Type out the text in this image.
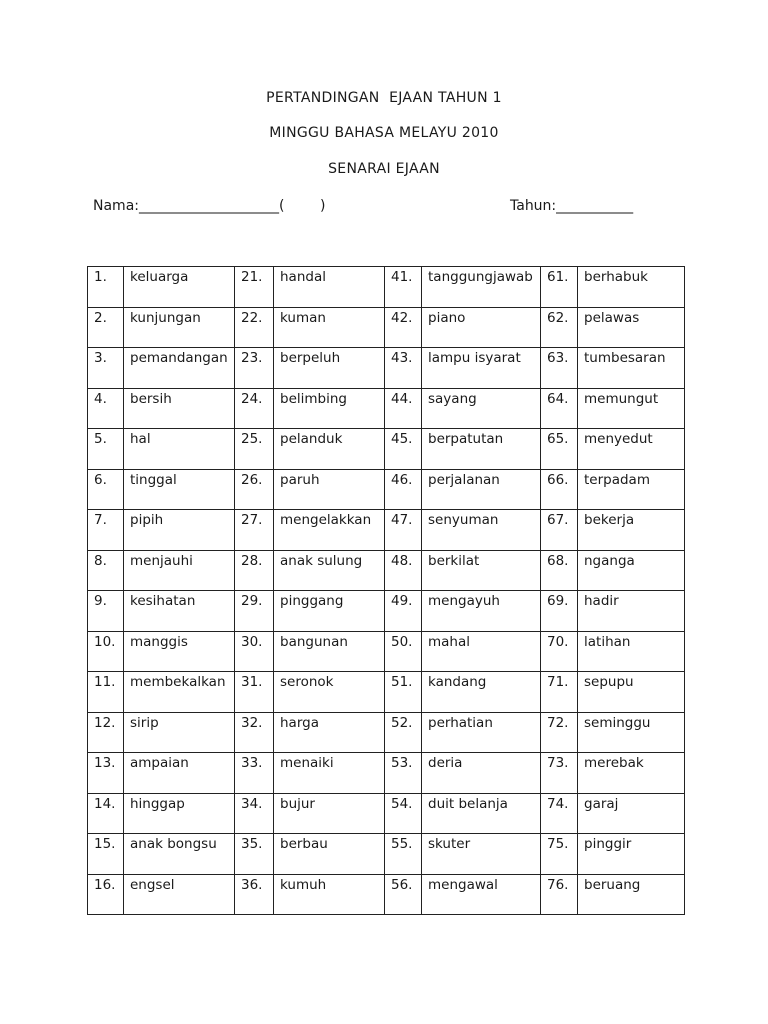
PERTANDINGAN  EJAAN TAHUN 1
MINGGU BAHASA MELAYU 2010
SENARAI EJAAN
Nama:____________________(        )	Tahun:___________
1.	keluarga	21.	handal	41.	tanggungjawab	61.	berhabuk
2.	kunjungan	22.	kuman	42.	piano	62.	pelawas
3.	pemandangan	23.	berpeluh	43.	lampu isyarat	63.	tumbesaran
4.	bersih	24.	belimbing	44.	sayang	64.	memungut
5.	hal	25.	pelanduk	45.	berpatutan	65.	menyedut
6.	tinggal	26.	paruh	46.	perjalanan	66.	terpadam
7.	pipih	27.	mengelakkan	47.	senyuman	67.	bekerja
8.	menjauhi	28.	anak sulung	48.	berkilat	68.	nganga
9.	kesihatan	29.	pinggang	49.	mengayuh	69.	hadir
10.	manggis	30.	bangunan	50.	mahal	70.	latihan
11.	membekalkan	31.	seronok	51.	kandang	71.	sepupu
12.	sirip	32.	harga	52.	perhatian	72.	seminggu
13.	ampaian	33.	menaiki	53.	deria	73.	merebak
14.	hinggap	34.	bujur	54.	duit belanja	74.	garaj
15.	anak bongsu	35.	berbau	55.	skuter	75.	pinggir
16.	engsel	36.	kumuh	56.	mengawal	76.	beruang
